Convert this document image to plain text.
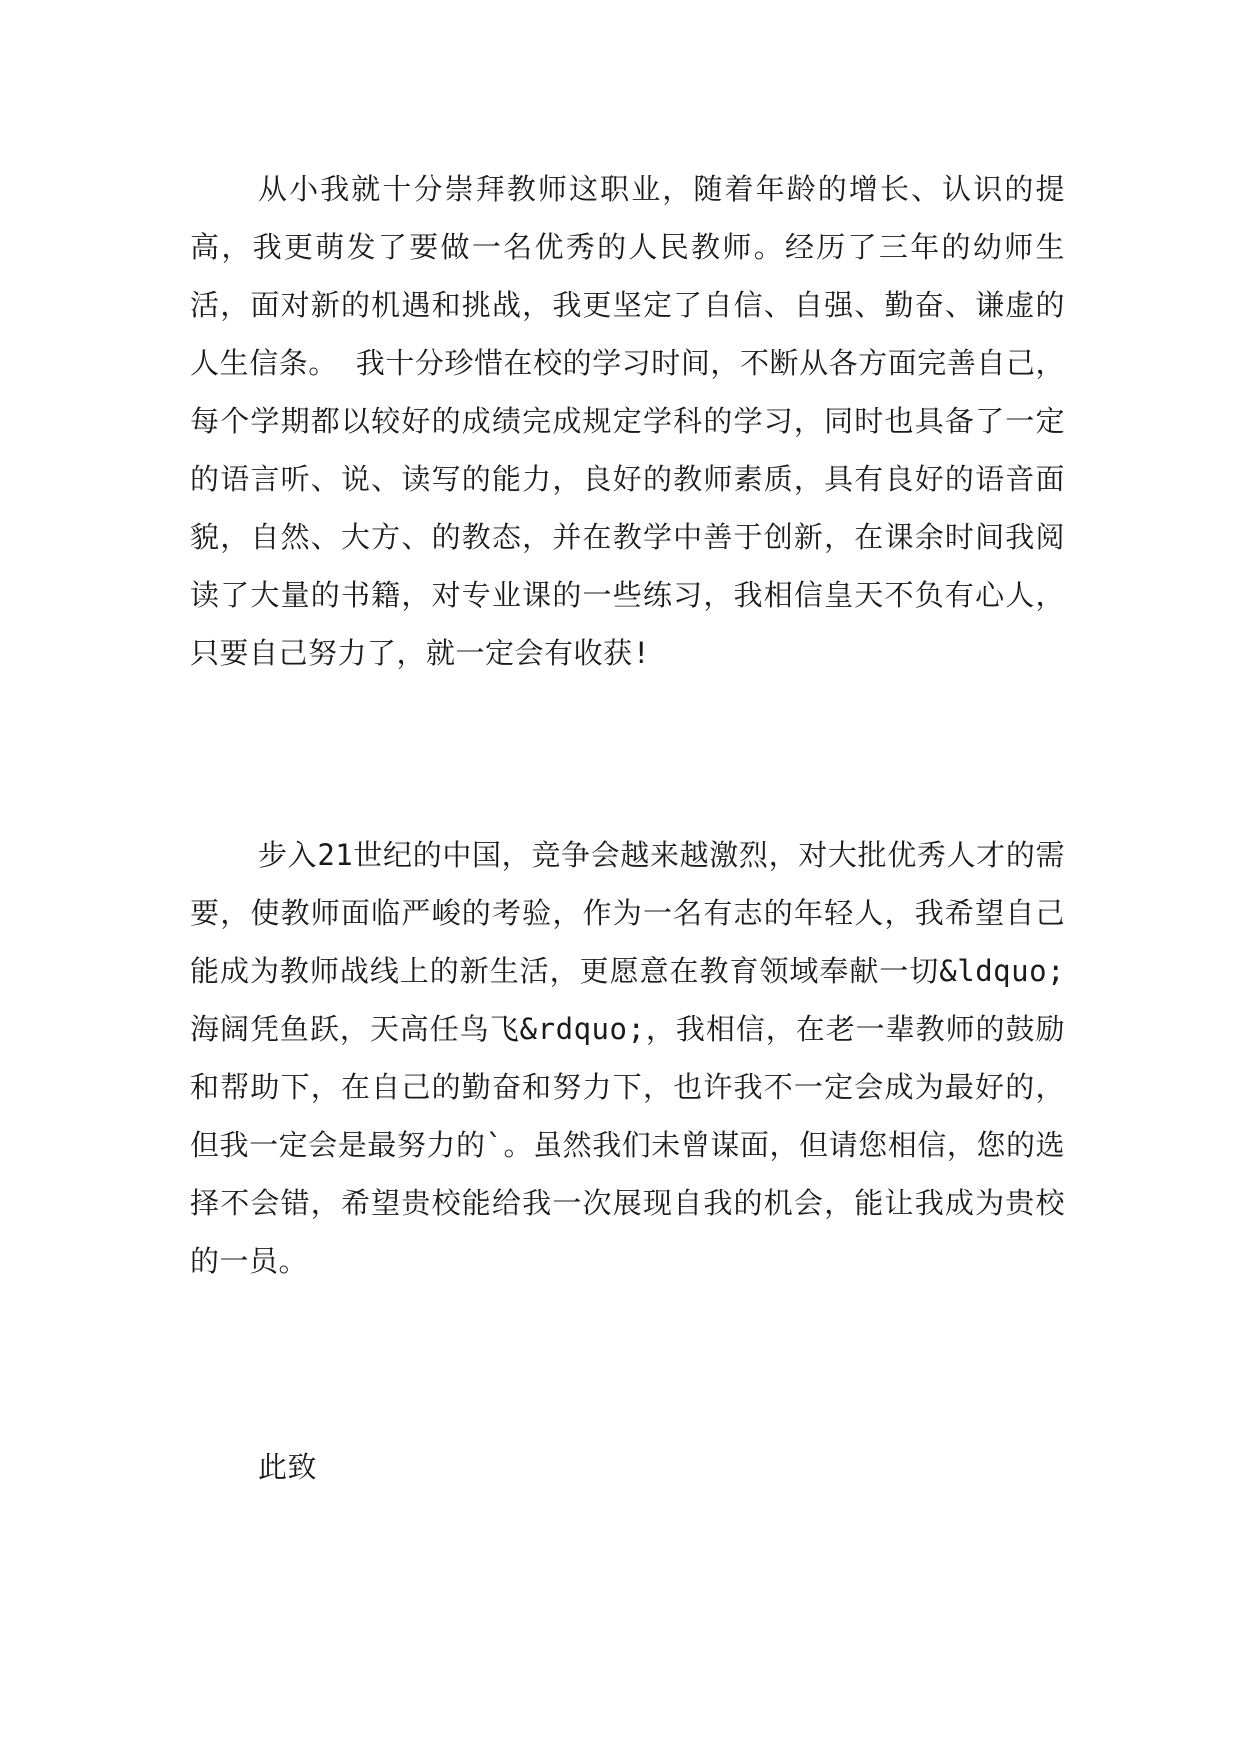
从小我就十分崇拜教师这职业，随着年龄的增长、认识的提高，我更萌发了要做一名优秀的人民教师。经历了三年的幼师生活，面对新的机遇和挑战，我更坚定了自信、自强、勤奋、谦虚的人生信条。 我十分珍惜在校的学习时间，不断从各方面完善自己，每个学期都以较好的成绩完成规定学科的学习，同时也具备了一定的语言听、说、读写的能力，良好的教师素质，具有良好的语音面貌，自然、大方、的教态，并在教学中善于创新，在课余时间我阅读了大量的书籍，对专业课的一些练习，我相信皇天不负有心人，只要自己努力了，就一定会有收获!

步入21世纪的中国，竞争会越来越激烈，对大批优秀人才的需要，使教师面临严峻的考验，作为一名有志的年轻人，我希望自己能成为教师战线上的新生活，更愿意在教育领域奉献一切&ldquo;海阔凭鱼跃，天高任鸟飞&rdquo;，我相信，在老一辈教师的鼓励和帮助下，在自己的勤奋和努力下，也许我不一定会成为最好的，但我一定会是最努力的`。虽然我们未曾谋面，但请您相信，您的选择不会错，希望贵校能给我一次展现自我的机会，能让我成为贵校的一员。

此致
